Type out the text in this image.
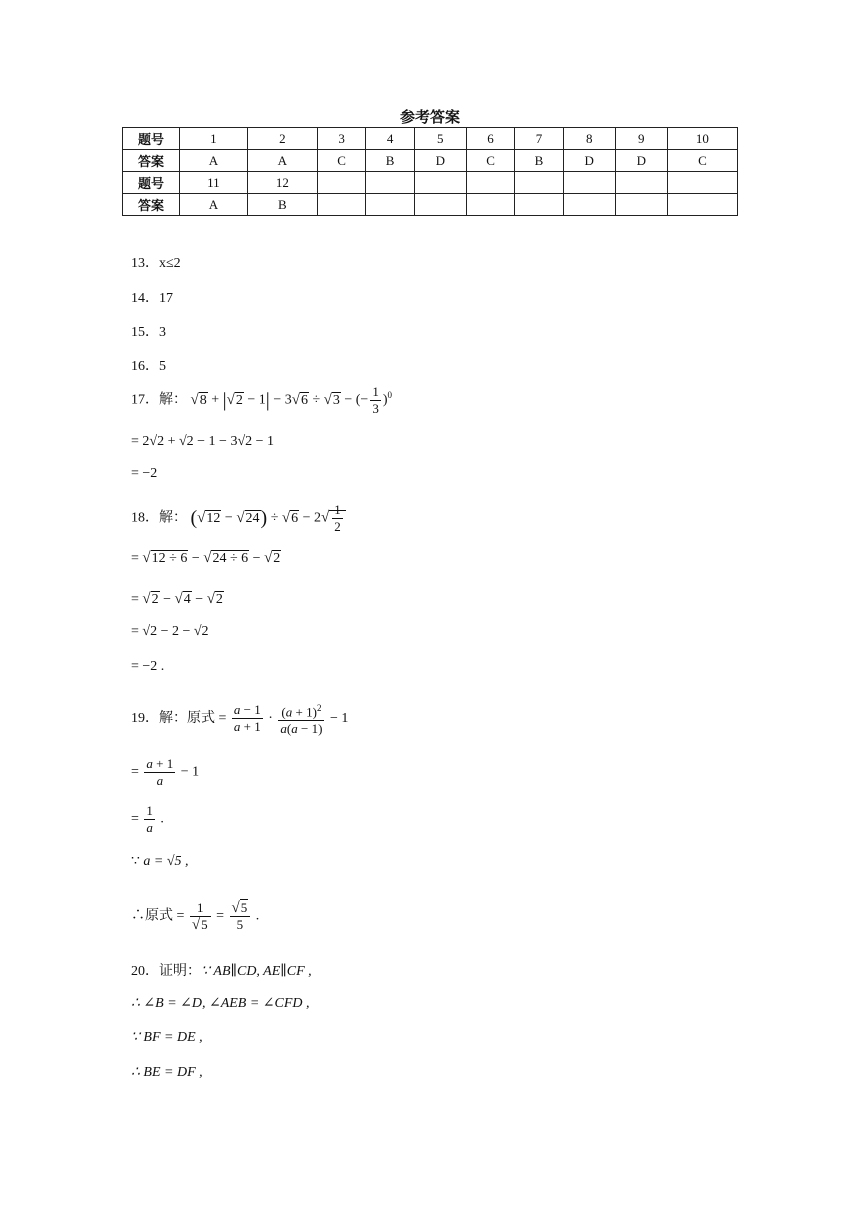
参考答案
题号	1	2	3	4	5	6	7	8	9	10
答案	A	A	C	B	D	C	B	D	D	C
题号	11	12								
答案	A	B								
13．x≤2
14．17
15．3
16．5
17．解： √8 + |√2 − 1| − 3√6 ÷ √3 − (− $\frac{1}{3} )^0$
= 2√2 + √2 − 1 − 3√2 − 1
= −2
18．解： $(√12 - √24) \div √6 - 2√ \frac{1}{2}$
= √12 ÷ 6 − √24 ÷ 6 − √2
= √2 − √4 − √2
= √2 − 2 − √2
= −2 .
19．解：原式 = $\frac{a - 1}{a + 1} \cdot \frac{(a + 1)^2}{a(a - 1)} - 1$
= $\frac{a + 1}{a} - 1$
= $\frac{1}{a}$ .
∵ a = √5 ,
∴原式 = $\frac{1}{√5} = \frac{√5}{5}$ .
20．证明：∵ AB∥CD, AE∥CF ,
∴ ∠B = ∠D, ∠AEB = ∠CFD ,
∵ BF = DE ,
∴ BE = DF ,
